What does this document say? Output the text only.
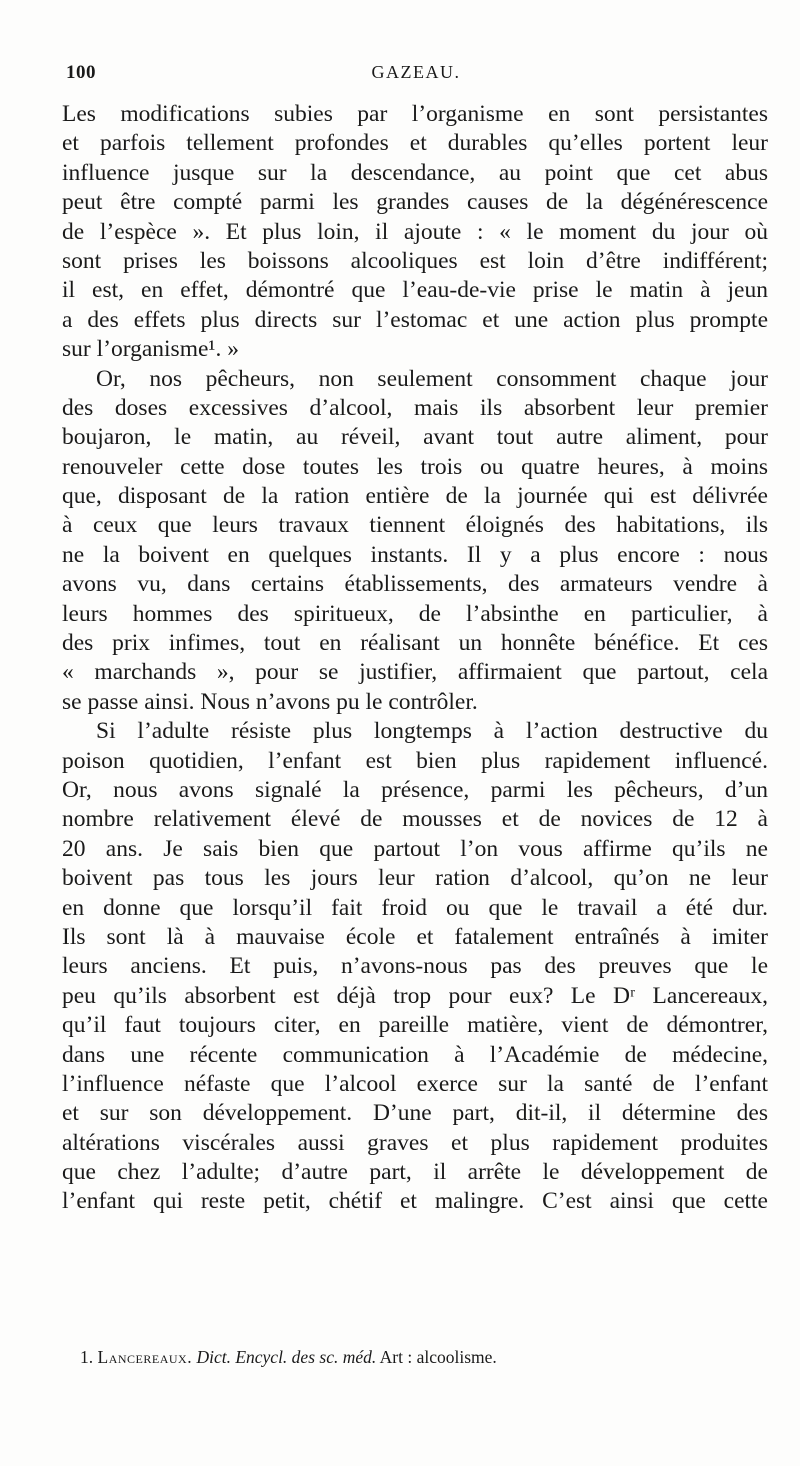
100	GAZEAU.
Les modifications subies par l’organisme en sont persistantes
et parfois tellement profondes et durables qu’elles portent leur
influence jusque sur la descendance, au point que cet abus
peut être compté parmi les grandes causes de la dégénérescence
de l’espèce ». Et plus loin, il ajoute : « le moment du jour où
sont prises les boissons alcooliques est loin d’être indifférent;
il est, en effet, démontré que l’eau-de-vie prise le matin à jeun
a des effets plus directs sur l’estomac et une action plus prompte
sur l’organisme¹. »
Or, nos pêcheurs, non seulement consomment chaque jour
des doses excessives d’alcool, mais ils absorbent leur premier
boujaron, le matin, au réveil, avant tout autre aliment, pour
renouveler cette dose toutes les trois ou quatre heures, à moins
que, disposant de la ration entière de la journée qui est délivrée
à ceux que leurs travaux tiennent éloignés des habitations, ils
ne la boivent en quelques instants. Il y a plus encore : nous
avons vu, dans certains établissements, des armateurs vendre à
leurs hommes des spiritueux, de l’absinthe en particulier, à
des prix infimes, tout en réalisant un honnête bénéfice. Et ces
« marchands », pour se justifier, affirmaient que partout, cela
se passe ainsi. Nous n’avons pu le contrôler.
Si l’adulte résiste plus longtemps à l’action destructive du
poison quotidien, l’enfant est bien plus rapidement influencé.
Or, nous avons signalé la présence, parmi les pêcheurs, d’un
nombre relativement élevé de mousses et de novices de 12 à
20 ans. Je sais bien que partout l’on vous affirme qu’ils ne
boivent pas tous les jours leur ration d’alcool, qu’on ne leur
en donne que lorsqu’il fait froid ou que le travail a été dur.
Ils sont là à mauvaise école et fatalement entraînés à imiter
leurs anciens. Et puis, n’avons-nous pas des preuves que le
peu qu’ils absorbent est déjà trop pour eux? Le Dʳ Lancereaux,
qu’il faut toujours citer, en pareille matière, vient de démontrer,
dans une récente communication à l’Académie de médecine,
l’influence néfaste que l’alcool exerce sur la santé de l’enfant
et sur son développement. D’une part, dit-il, il détermine des
altérations viscérales aussi graves et plus rapidement produites
que chez l’adulte; d’autre part, il arrête le développement de
l’enfant qui reste petit, chétif et malingre. C’est ainsi que cette
1. Lancereaux. Dict. Encycl. des sc. méd. Art : alcoolisme.
